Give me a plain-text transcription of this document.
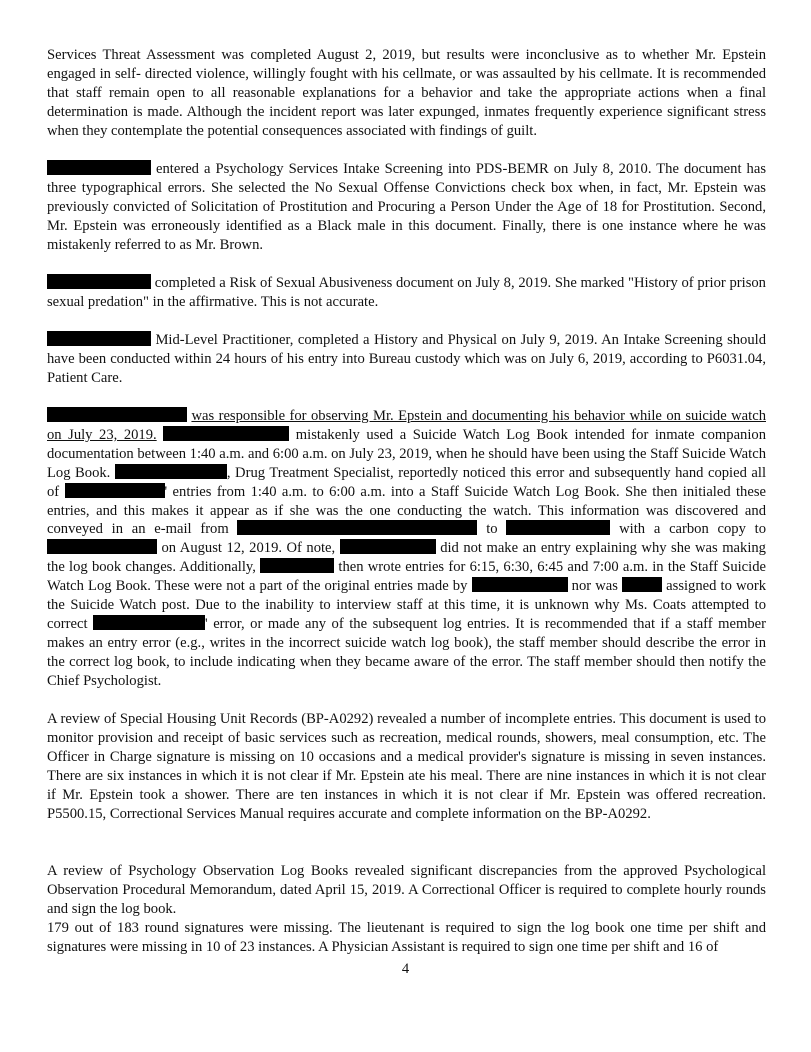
Services Threat Assessment was completed August 2, 2019, but results were inconclusive as to whether Mr. Epstein engaged in self- directed violence, willingly fought with his cellmate, or was assaulted by his cellmate. It is recommended that staff remain open to all reasonable explanations for a behavior and take the appropriate actions when a final determination is made. Although the incident report was later expunged, inmates frequently experience significant stress when they contemplate the potential consequences associated with findings of guilt.

entered a Psychology Services Intake Screening into PDS-BEMR on July 8, 2010. The document has three typographical errors. She selected the No Sexual Offense Convictions check box when, in fact, Mr. Epstein was previously convicted of Solicitation of Prostitution and Procuring a Person Under the Age of 18 for Prostitution. Second, Mr. Epstein was erroneously identified as a Black male in this document. Finally, there is one instance where he was mistakenly referred to as Mr. Brown.

completed a Risk of Sexual Abusiveness document on July 8, 2019. She marked "History of prior prison sexual predation" in the affirmative. This is not accurate.

Mid-Level Practitioner, completed a History and Physical on July 9, 2019. An Intake Screening should have been conducted within 24 hours of his entry into Bureau custody which was on July 6, 2019, according to P6031.04, Patient Care.

was responsible for observing Mr. Epstein and documenting his behavior while on suicide watch on July 23, 2019.	mistakenly used a Suicide Watch Log Book intended for inmate companion documentation between 1:40 a.m. and 6:00 a.m. on July 23, 2019, when he should have been using the Staff Suicide Watch Log Book.	, Drug Treatment Specialist, reportedly noticed this error and subsequently hand copied all of	' entries from 1:40 a.m. to 6:00 a.m. into a Staff Suicide Watch Log Book. She then initialed these entries, and this makes it appear as if she was the one conducting the watch. This information was discovered and conveyed in an e-mail from	to	with a carbon copy to  on August 12, 2019. Of note,	did not make an entry explaining why she was making the log book changes. Additionally,	then wrote entries for 6:15, 6:30, 6:45 and 7:00 a.m. in the Staff Suicide Watch Log Book. These were not a part of the original entries made by	nor was	assigned to work the Suicide Watch post. Due to the inability to interview staff at this time, it is unknown why Ms. Coats attempted to correct	' error, or made any of the subsequent log entries. It is recommended that if a staff member makes an entry error (e.g., writes in the incorrect suicide watch log book), the staff member should describe the error in the correct log book, to include indicating when they became aware of the error. The staff member should then notify the Chief Psychologist.

A review of Special Housing Unit Records (BP-A0292) revealed a number of incomplete entries. This document is used to monitor provision and receipt of basic services such as recreation, medical rounds, showers, meal consumption, etc. The Officer in Charge signature is missing on 10 occasions and a medical provider's signature is missing in seven instances. There are six instances in which it is not clear if Mr. Epstein ate his meal. There are nine instances in which it is not clear if Mr. Epstein took a shower. There are ten instances in which it is not clear if Mr. Epstein was offered recreation. P5500.15, Correctional Services Manual requires accurate and complete information on the BP-A0292.

A review of Psychology Observation Log Books revealed significant discrepancies from the approved Psychological Observation Procedural Memorandum, dated April 15, 2019. A Correctional Officer is required to complete hourly rounds and sign the log book.

179 out of 183 round signatures were missing. The lieutenant is required to sign the log book one time per shift and signatures were missing in 10 of 23 instances. A Physician Assistant is required to sign one time per shift and 16 of

4
